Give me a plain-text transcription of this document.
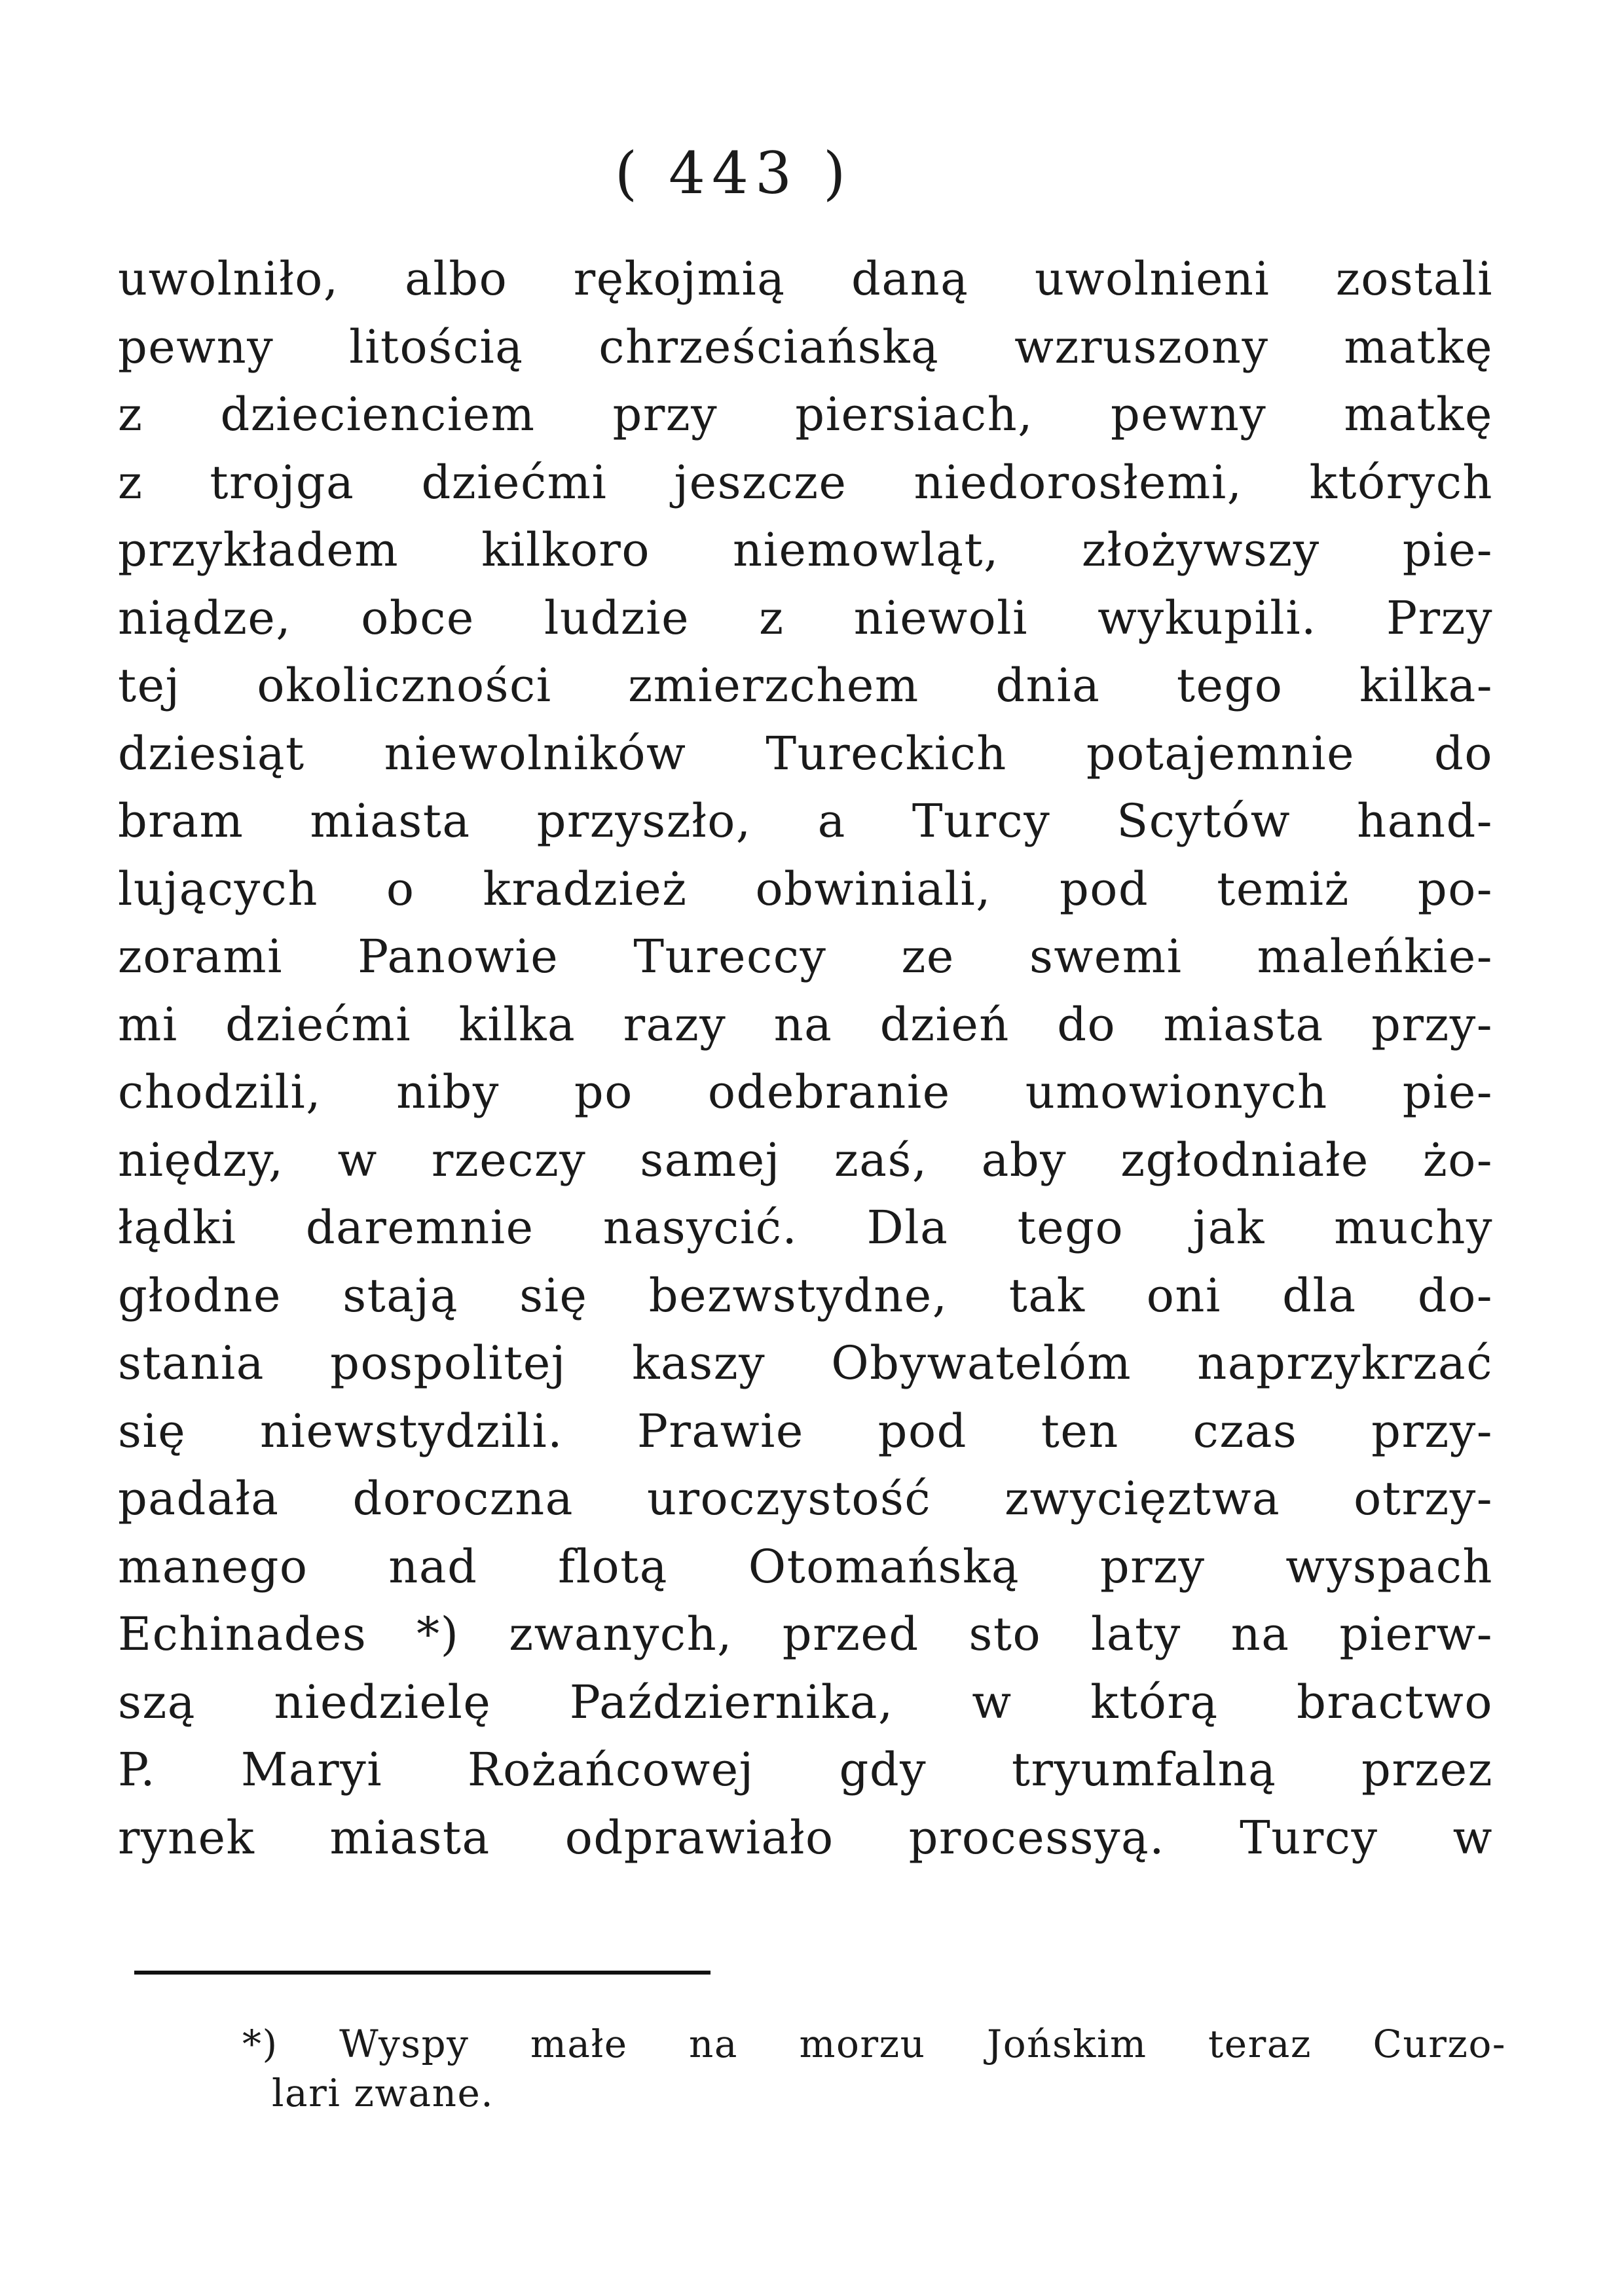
( 443 )
uwolniło, albo rękojmią daną uwolnieni zostali
pewny litością chrześciańską wzruszony matkę
z dziecienciem przy piersiach, pewny matkę
z trojga dziećmi jeszcze niedorosłemi, których
przykładem kilkoro niemowląt, złożywszy pie-
niądze, obce ludzie z niewoli wykupili. Przy
tej okoliczności zmierzchem dnia tego kilka-
dziesiąt niewolników Tureckich potajemnie do
bram miasta przyszło, a Turcy Scytów hand-
lujących o kradzież obwiniali, pod temiż po-
zorami Panowie Tureccy ze swemi maleńkie-
mi dziećmi kilka razy na dzień do miasta przy-
chodzili, niby po odebranie umowionych pie-
niędzy, w rzeczy samej zaś, aby zgłodniałe żo-
łądki daremnie nasycić. Dla tego jak muchy
głodne stają się bezwstydne, tak oni dla do-
stania pospolitej kaszy Obywatelóm naprzykrzać
się niewstydzili. Prawie pod ten czas przy-
padała doroczna uroczystość zwycięztwa otrzy-
manego nad flotą Otomańską przy wyspach
Echinades *) zwanych, przed sto laty na pierw-
szą niedzielę Października, w którą bractwo
P. Maryi Rożańcowej gdy tryumfalną przez
rynek miasta odprawiało processyą. Turcy w
*) Wyspy małe na morzu Jońskim teraz Curzo-
lari zwane.
